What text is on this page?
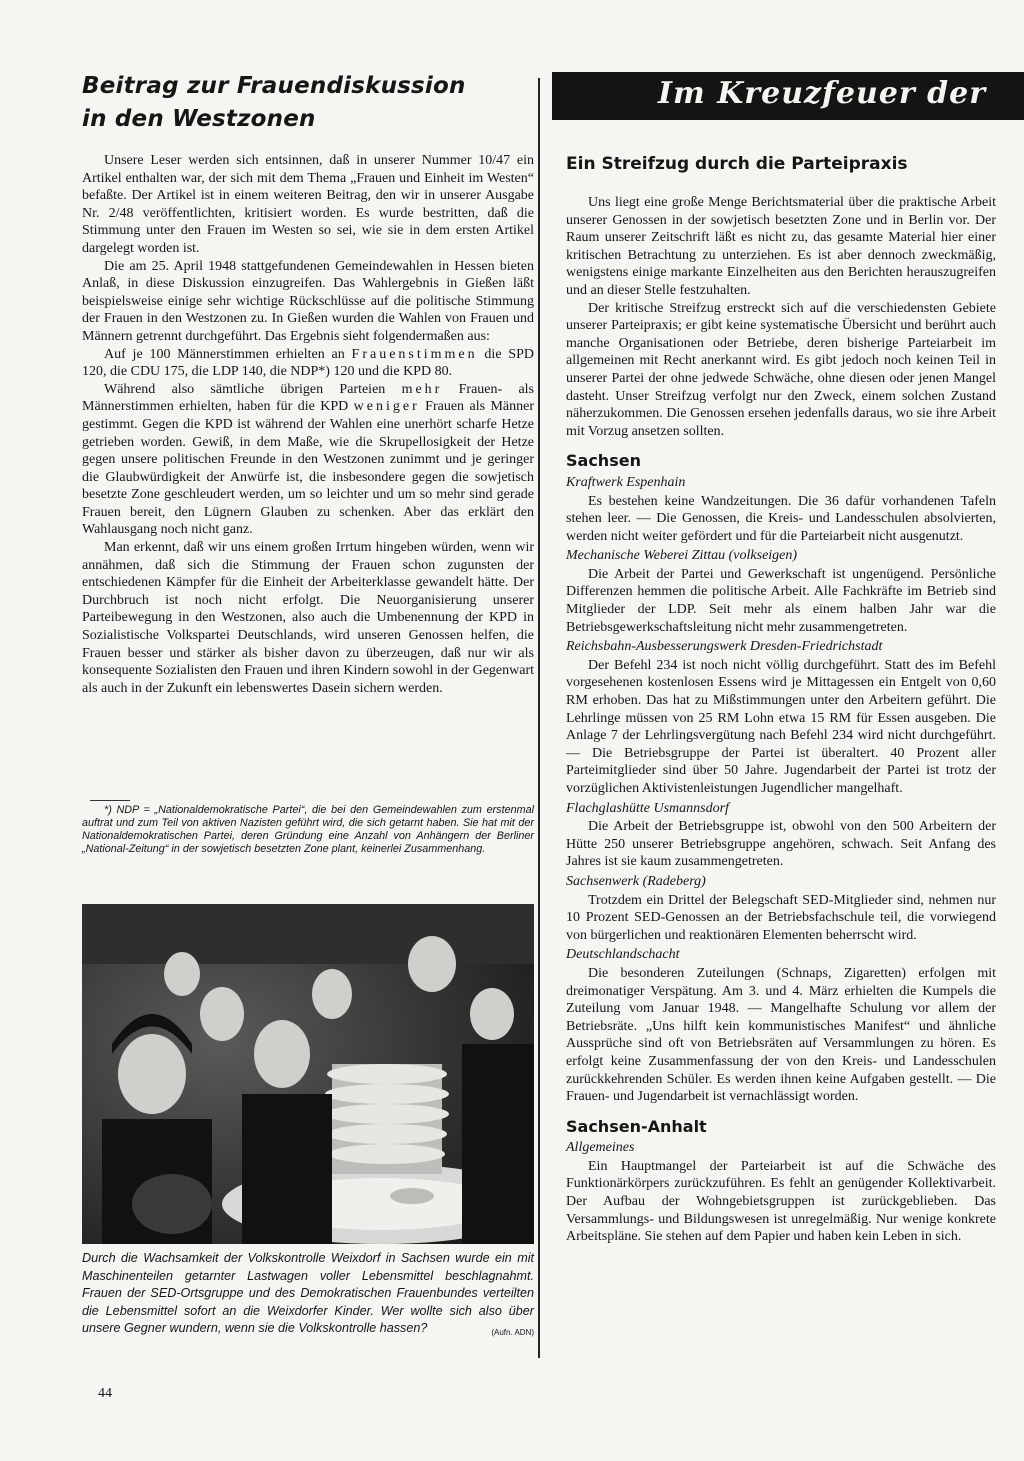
Beitrag zur Frauendiskussion
in den Westzonen

Unsere Leser werden sich entsinnen, daß in unserer Nummer 10/47 ein Artikel enthalten war, der sich mit dem Thema „Frauen und Einheit im Westen“ befaßte. Der Artikel ist in einem weiteren Beitrag, den wir in unserer Ausgabe Nr. 2/48 veröffentlichten, kritisiert worden. Es wurde bestritten, daß die Stimmung unter den Frauen im Westen so sei, wie sie in dem ersten Artikel dargelegt worden ist.

Die am 25. April 1948 stattgefundenen Gemeindewahlen in Hessen bieten Anlaß, in diese Diskussion einzugreifen. Das Wahlergebnis in Gießen läßt beispielsweise einige sehr wichtige Rückschlüsse auf die politische Stimmung der Frauen in den Westzonen zu. In Gießen wurden die Wahlen von Frauen und Männern getrennt durchgeführt. Das Ergebnis sieht folgendermaßen aus:

Auf je 100 Männerstimmen erhielten an Frauenstimmen die SPD 120, die CDU 175, die LDP 140, die NDP*) 120 und die KPD 80.

Während also sämtliche übrigen Parteien mehr Frauen- als Männerstimmen erhielten, haben für die KPD weniger Frauen als Männer gestimmt. Gegen die KPD ist während der Wahlen eine unerhört scharfe Hetze getrieben worden. Gewiß, in dem Maße, wie die Skrupellosigkeit der Hetze gegen unsere politischen Freunde in den Westzonen zunimmt und je geringer die Glaubwürdigkeit der Anwürfe ist, die insbesondere gegen die sowjetisch besetzte Zone geschleudert werden, um so leichter und um so mehr sind gerade Frauen bereit, den Lügnern Glauben zu schenken. Aber das erklärt den Wahlausgang noch nicht ganz.

Man erkennt, daß wir uns einem großen Irrtum hingeben würden, wenn wir annähmen, daß sich die Stimmung der Frauen schon zugunsten der entschiedenen Kämpfer für die Einheit der Arbeiterklasse gewandelt hätte. Der Durchbruch ist noch nicht erfolgt. Die Neuorganisierung unserer Parteibewegung in den Westzonen, also auch die Umbenennung der KPD in Sozialistische Volkspartei Deutschlands, wird unseren Genossen helfen, die Frauen besser und stärker als bisher davon zu überzeugen, daß nur wir als konsequente Sozialisten den Frauen und ihren Kindern sowohl in der Gegenwart als auch in der Zukunft ein lebenswertes Dasein sichern werden.

*) NDP = „Nationaldemokratische Partei“, die bei den Gemeindewahlen zum erstenmal auftrat und zum Teil von aktiven Nazisten geführt wird, die sich getarnt haben. Sie hat mit der Nationaldemokratischen Partei, deren Gründung eine Anzahl von Anhängern der Berliner „National-Zeitung“ in der sowjetisch besetzten Zone plant, keinerlei Zusammenhang.

Durch die Wachsamkeit der Volkskontrolle Weixdorf in Sachsen wurde ein mit Maschinenteilen getarnter Lastwagen voller Lebensmittel beschlagnahmt. Frauen der SED-Ortsgruppe und des Demokratischen Frauenbundes verteilten die Lebensmittel sofort an die Weixdorfer Kinder. Wer wollte sich also über unsere Gegner wundern, wenn sie die Volkskontrolle hassen?	(Aufn. ADN)

44
Im Kreuzfeuer der
Ein Streifzug durch die Parteipraxis

Uns liegt eine große Menge Berichtsmaterial über die praktische Arbeit unserer Genossen in der sowjetisch besetzten Zone und in Berlin vor. Der Raum unserer Zeitschrift läßt es nicht zu, das gesamte Material hier einer kritischen Betrachtung zu unterziehen. Es ist aber dennoch zweckmäßig, wenigstens einige markante Einzelheiten aus den Berichten herauszugreifen und an dieser Stelle festzuhalten.

Der kritische Streifzug erstreckt sich auf die verschiedensten Gebiete unserer Parteipraxis; er gibt keine systematische Übersicht und berührt auch manche Organisationen oder Betriebe, deren bisherige Parteiarbeit im allgemeinen mit Recht anerkannt wird. Es gibt jedoch noch keinen Teil in unserer Partei der ohne jedwede Schwäche, ohne diesen oder jenen Mangel dasteht. Unser Streifzug verfolgt nur den Zweck, einem solchen Zustand näherzukommen. Die Genossen ersehen jedenfalls daraus, wo sie ihre Arbeit mit Vorzug ansetzen sollten.

Sachsen
Kraftwerk Espenhain

Es bestehen keine Wandzeitungen. Die 36 dafür vorhandenen Tafeln stehen leer. — Die Genossen, die Kreis- und Landesschulen absolvierten, werden nicht weiter gefördert und für die Parteiarbeit nicht ausgenutzt.

Mechanische Weberei Zittau (volkseigen)

Die Arbeit der Partei und Gewerkschaft ist ungenügend. Persönliche Differenzen hemmen die politische Arbeit. Alle Fachkräfte im Betrieb sind Mitglieder der LDP. Seit mehr als einem halben Jahr war die Betriebsgewerkschaftsleitung nicht mehr zusammengetreten.

Reichsbahn-Ausbesserungswerk Dresden-Friedrichstadt

Der Befehl 234 ist noch nicht völlig durchgeführt. Statt des im Befehl vorgesehenen kostenlosen Essens wird je Mittagessen ein Entgelt von 0,60 RM erhoben. Das hat zu Mißstimmungen unter den Arbeitern geführt. Die Lehrlinge müssen von 25 RM Lohn etwa 15 RM für Essen ausgeben. Die Anlage 7 der Lehrlingsvergütung nach Befehl 234 wird nicht durchgeführt. — Die Betriebsgruppe der Partei ist überaltert. 40 Prozent aller Parteimitglieder sind über 50 Jahre. Jugendarbeit der Partei ist trotz der vorzüglichen Aktivistenleistungen Jugendlicher mangelhaft.

Flachglashütte Usmannsdorf

Die Arbeit der Betriebsgruppe ist, obwohl von den 500 Arbeitern der Hütte 250 unserer Betriebsgruppe angehören, schwach. Seit Anfang des Jahres ist sie kaum zusammengetreten.

Sachsenwerk (Radeberg)

Trotzdem ein Drittel der Belegschaft SED-Mitglieder sind, nehmen nur 10 Prozent SED-Genossen an der Betriebsfachschule teil, die vorwiegend von bürgerlichen und reaktionären Elementen beherrscht wird.

Deutschlandschacht

Die besonderen Zuteilungen (Schnaps, Zigaretten) erfolgen mit dreimonatiger Verspätung. Am 3. und 4. März erhielten die Kumpels die Zuteilung vom Januar 1948. — Mangelhafte Schulung vor allem der Betriebsräte. „Uns hilft kein kommunistisches Manifest“ und ähnliche Aussprüche sind oft von Betriebsräten auf Versammlungen zu hören. Es erfolgt keine Zusammenfassung der von den Kreis- und Landesschulen zurückkehrenden Schüler. Es werden ihnen keine Aufgaben gestellt. — Die Frauen- und Jugendarbeit ist vernachlässigt worden.

Sachsen-Anhalt
Allgemeines

Ein Hauptmangel der Parteiarbeit ist auf die Schwäche des Funktionärkörpers zurückzuführen. Es fehlt an genügender Kollektivarbeit. Der Aufbau der Wohngebietsgruppen ist zurückgeblieben. Das Versammlungs- und Bildungswesen ist unregelmäßig. Nur wenige konkrete Arbeitspläne. Sie stehen auf dem Papier und haben kein Leben in sich.
